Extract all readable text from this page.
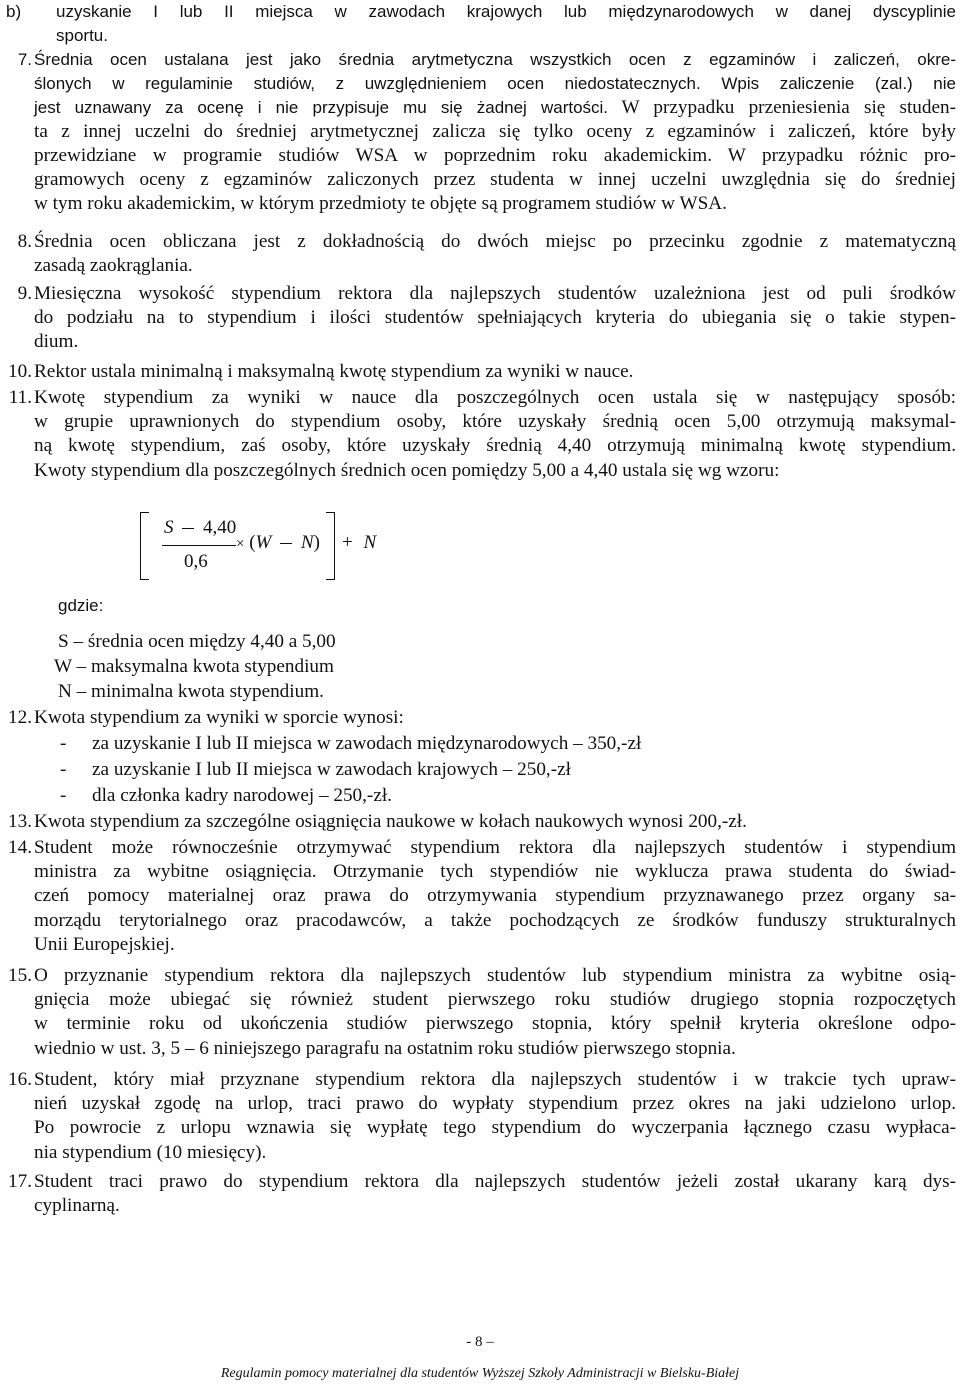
b)	uzyskanie I lub II miejsca w zawodach krajowych lub międzynarodowych w danej dyscyplinie
sportu.
7. Średnia ocen ustalana jest jako średnia arytmetyczna wszystkich ocen z egzaminów i zaliczeń, okre-
ślonych w regulaminie studiów, z uwzględnieniem ocen niedostatecznych. Wpis zaliczenie (zal.) nie
jest uznawany za ocenę i nie przypisuje mu się żadnej wartości. W przypadku przeniesienia się studen-
ta z innej uczelni do średniej arytmetycznej zalicza się tylko oceny z egzaminów i zaliczeń, które były
przewidziane w programie studiów WSA w poprzednim roku akademickim. W przypadku różnic pro-
gramowych oceny z egzaminów zaliczonych przez studenta w innej uczelni uwzględnia się do średniej
w tym roku akademickim, w którym przedmioty te objęte są programem studiów w WSA.
8. Średnia ocen obliczana jest z dokładnością do dwóch miejsc po przecinku zgodnie z matematyczną
zasadą zaokrąglania.
9. Miesięczna wysokość stypendium rektora dla najlepszych studentów uzależniona jest od puli środków
do podziału na to stypendium i ilości studentów spełniających kryteria do ubiegania się o takie stypen-
dium.
10. Rektor ustala minimalną i maksymalną kwotę stypendium za wyniki w nauce.
11. Kwotę stypendium za wyniki w nauce dla poszczególnych ocen ustala się w następujący sposób:
w grupie uprawnionych do stypendium osoby, które uzyskały średnią ocen 5,00 otrzymują maksymal-
ną kwotę stypendium, zaś osoby, które uzyskały średnią 4,40 otrzymują minimalną kwotę stypendium.
Kwoty stypendium dla poszczególnych średnich ocen pomiędzy 5,00 a 4,40 ustala się wg wzoru:
S 4,40
0,6
× (W N) + N
gdzie:
S – średnia ocen między 4,40 a 5,00
W – maksymalna kwota stypendium
N – minimalna kwota stypendium.
12. Kwota stypendium za wyniki w sporcie wynosi:
-	za uzyskanie I lub II miejsca w zawodach międzynarodowych – 350,-zł
-	za uzyskanie I lub II miejsca w zawodach krajowych – 250,-zł
-	dla członka kadry narodowej – 250,-zł.
13. Kwota stypendium za szczególne osiągnięcia naukowe w kołach naukowych wynosi 200,-zł.
14. Student może równocześnie otrzymywać stypendium rektora dla najlepszych studentów i stypendium
ministra za wybitne osiągnięcia. Otrzymanie tych stypendiów nie wyklucza prawa studenta do świad-
czeń pomocy materialnej oraz prawa do otrzymywania stypendium przyznawanego przez organy sa-
morządu terytorialnego oraz pracodawców, a także pochodzących ze środków funduszy strukturalnych
Unii Europejskiej.
15. O przyznanie stypendium rektora dla najlepszych studentów lub stypendium ministra za wybitne osią-
gnięcia może ubiegać się również student pierwszego roku studiów drugiego stopnia rozpoczętych
w terminie roku od ukończenia studiów pierwszego stopnia, który spełnił kryteria określone odpo-
wiednio w ust. 3, 5 – 6 niniejszego paragrafu na ostatnim roku studiów pierwszego stopnia.
16. Student, który miał przyznane stypendium rektora dla najlepszych studentów i w trakcie tych upraw-
nień uzyskał zgodę na urlop, traci prawo do wypłaty stypendium przez okres na jaki udzielono urlop.
Po powrocie z urlopu wznawia się wypłatę tego stypendium do wyczerpania łącznego czasu wypłaca-
nia stypendium (10 miesięcy).
17. Student traci prawo do stypendium rektora dla najlepszych studentów jeżeli został ukarany karą dys-
cyplinarną.
- 8 –
Regulamin pomocy materialnej dla studentów Wyższej Szkoły Administracji w Bielsku-Białej
